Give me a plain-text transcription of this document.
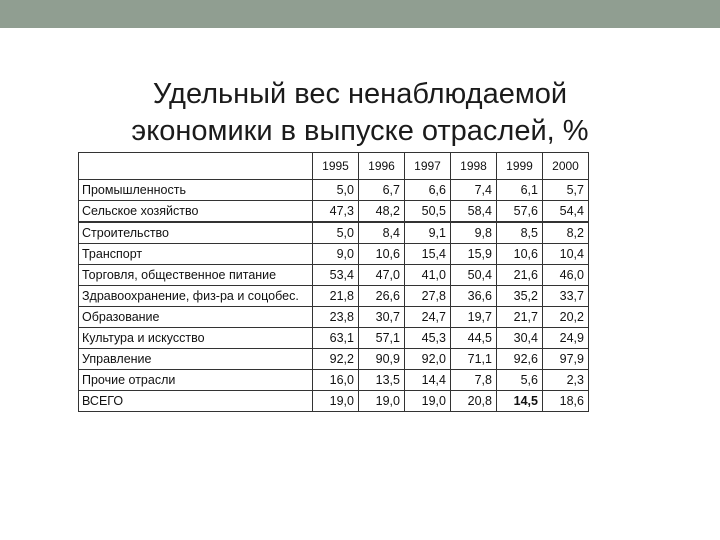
Удельный вес ненаблюдаемой
экономики в выпуске отраслей, %
	1995	1996	1997	1998	1999	2000
Промышленность	5,0	6,7	6,6	7,4	6,1	5,7
Сельское хозяйство	47,3	48,2	50,5	58,4	57,6	54,4
Строительство	5,0	8,4	9,1	9,8	8,5	8,2
Транспорт	9,0	10,6	15,4	15,9	10,6	10,4
Торговля, общественное питание	53,4	47,0	41,0	50,4	21,6	46,0
Здравоохранение, физ-ра и соцобес.	21,8	26,6	27,8	36,6	35,2	33,7
Образование	23,8	30,7	24,7	19,7	21,7	20,2
Культура и искусство	63,1	57,1	45,3	44,5	30,4	24,9
Управление	92,2	90,9	92,0	71,1	92,6	97,9
Прочие отрасли	16,0	13,5	14,4	7,8	5,6	2,3
ВСЕГО	19,0	19,0	19,0	20,8	14,5	18,6
